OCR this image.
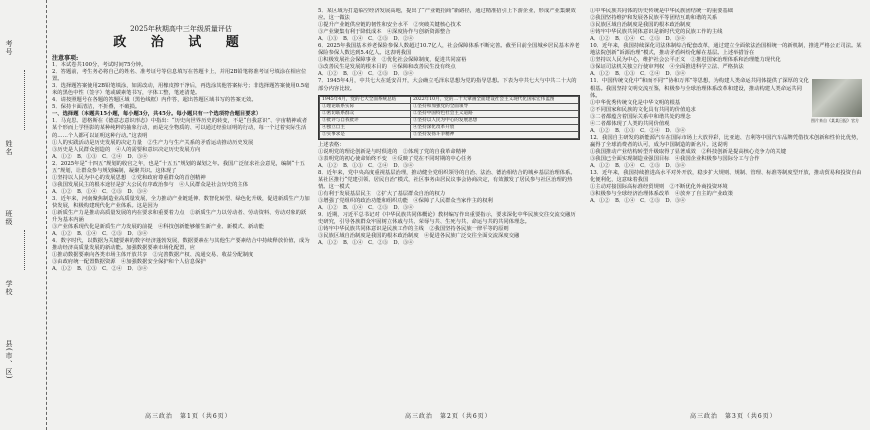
考号
姓名
班级
学校
县(市、区)
2025年秋期高中三年级质量评估
政 治 试 题

注意事项:

1．本试卷共100分，考试时间75分钟。

2．答题前，考生务必将自己的姓名、准考证号等信息填写在答题卡上，并用2B铅笔将准考证号填涂在相应位置。

3．选择题答案使用2B铅笔填涂，如需改动，用橡皮擦干净后，再选涂其他答案标号；非选择题答案使用0.5毫米的黑色中性（签字）笔或碳素笔书写，字体工整，笔迹清楚。

4．请按照题号在各题的答题区域（黑色线框）内作答，超出答题区域书写的答案无效。

5．保持卡面清洁，不折叠，不破损。

一、选择题（本题共15小题，每小题3分，共45分。每小题只有一个选项符合题目要求）

1．马克思、恩格斯在《德意志意识形态》中指出：“历史向世界历史的转变，不是“自我意识”、宇宙精神或者某个形而上学怪影的某种纯粹的抽象行动，而是完全物质的、可以通过经验证明的行动，每一个过着实际生活的……个人都可以证明这种行动。”这表明

①人的实践活动是历史发展的决定力量　②生产力与生产关系的矛盾运动推动历史发展

③历史是人民群众创造的　④人的需要和意识决定历史发展方向

A．①②　B．①③　C．②④　D．③④

2．2025年是“十四五”规划的收官之年，也是“十五五”规划的谋划之年。我国广泛征求社会意见，编制“十五五”规划，让群众参与规划编制，凝聚共识。这体现了

①坚持以人民为中心的发展思想　②党和政府尊重群众的首创精神

③我国发展民主的根本途径是扩大公民有序政治参与　④人民群众是社会历史的主体

A．①②　B．①④　C．②③　D．③④

3．近年来，河南聚焦制造业高质量发展，全力推动产业链延伸、数智化转型、绿色化升级，促进新质生产力加快发展，积极构建现代化产业体系。这是因为

①新质生产力是推动高质量发展的内在要求和重要着力点　②新质生产力以劳动者、劳动资料、劳动对象的跃升为基本内涵

③产业体系现代化是新质生产力发展的前提　④科技创新能够催生新产业、新模式、新动能

A．①②　B．①④　C．②③　D．③④

4．数字时代，以数据为关键要素的数字经济蓬勃发展，数据要素在与其他生产要素结合中持续释放价值，成为推动经济高质量发展的新动能。加强数据要素市场化配置，应

①推动数据要素向各类市场主体开放共享　②完善数据产权、流通交易、收益分配制度

③由政府统一配置数据资源　④加强数据安全保护和个人信息保护

A．①②　B．①③　C．②④　D．③④

高三政治　第1页（共6页）

5．某区域为打造临空经济发展高地，提出了“产业链招商”新路径，通过精准招引上下游企业，形成产业集聚效应。这一做法

①提升产业链供应链的韧性和安全水平　②突破关键核心技术

③产业聚集有利于降低成本　④深度协作与创新资源整合

A．①③　B．①④　C．②③　D．②④

6．2025年我国基本养老保险参保人数超过10.7亿人，社会保障体系不断完善。截至目前全国城乡居民基本养老保险参保人数达到5.4亿人。这表明我国

①积极发展社会保障事业　②优化社会保障制度，促进共同富裕

③改善民生是发展的根本目的　④保障和改善民生没有终点

A．①②　B．①④　C．②③　D．③④

7．1945年4月，中共七大在延安召开，大会确立毛泽东思想为党的指导思想。下表为中共七大与中共二十大的部分内容比较。

1945年4月，党的七大全面系统总结	2022年10月，党的二十大擘画全面建设社会主义现代化国家宏伟蓝图
①理论联系实际	①坚持和加强党的全面领导
②密切联系群众	②坚持中国特色社会主义道路
③批评与自我批评	③坚持以人民为中心的发展思想
④独立自主	④坚持深化改革开放
⑤实事求是	⑤坚持发扬斗争精神

上述表格：

①说明党的理论创新是与时俱进的　②体现了党的自我革命精神

③表明党的初心使命始终不变　④反映了党在不同时期的中心任务

A．①②　B．①③　C．②④　D．③④

8．近年来，党中央高度重视基层治理，推动健全党组织领导的自治、法治、德治相结合的城乡基层治理体系。某社区推行“党建引领、居民自治”模式，社区事务由居民议事会协商决定，有效激发了居民参与社区治理的热情。这一模式

①有利于发展基层民主　②扩大了基层群众自治的权力

③增强了党组织的政治功能和组织功能　④保障了人民群众当家作主的权利

A．①②　B．①④　C．②③　D．③④

9．近期，习近平总书记对《中华民族共同体概论》教材编写作出重要指示，要求深化中华民族交往交流交融历史研究，引导各族群众牢固树立休戚与共、荣辱与共、生死与共、命运与共的共同体理念。

①铸牢中华民族共同体意识是民族工作的主线　②我国坚持各民族一律平等的原则

③民族区域自治制度是我国的根本政治制度　④促进各民族广泛交往全面交流深度交融

A．①②　B．①④　C．②③　D．③④

高三政治　第2页（共6页）

①中华民族共同体的历史传统是中华民族团结统一的重要基础

②我国坚持维护和发展各民族平等团结互助和谐的关系

③民族区域自治制度是我国的根本政治制度

④铸牢中华民族共同体意识是新时代党的民族工作的主线

A．①②　B．①④　C．②③　D．③④

10．近年来，我国持续深化司法体制综合配套改革，通过建立全面依法治国相统一的新机制，推进严格公正司法。某地法院创新“诉源治理”模式，推动矛盾纠纷化解在基层。上述举措旨在

①坚持以人民为中心，维护社会公平正义　②推进国家治理体系和治理能力现代化

③保证司法机关独立行使审判权　④全面推进科学立法、严格执法

A．①②　B．①③　C．②④　D．③④

图片来自《某某日报》官方

11．中国传统文化中“和而不同”“协和万邦”等思想，为构建人类命运共同体提供了深厚的文化根基。我国坚持文明交流互鉴，积极参与全球治理体系改革和建设，推动构建人类命运共同体。

①中华优秀传统文化是中华文明的根基

②不同国家和民族的文化具有共同的价值追求

③二者都蕴含着国际关系中和谐共处的理念

④二者都体现了人类的共同价值观

A．①②　B．①③　C．②④　D．③④

12．我国自主研发的新能源汽车在国际市场上大放异彩，比亚迪、吉利等中国汽车品牌凭借技术创新和性价比优势，赢得了全球消费者的认可，成为中国制造的新名片。这说明

①我国推动产业结构转型升级取得了显著成效　②科技创新是提高核心竞争力的关键

③我国已全面实现制造业强国目标　④我国企业积极参与国际分工与合作

A．①②　B．①④　C．②③　D．③④

13．近年来，我国持续推进高水平对外开放，稳步扩大规则、规制、管理、标准等制度型开放，推动贸易和投资自由化便利化，这意味着我国

①主动对接国际高标准经贸规则　②不断优化外商投资环境

③积极参与全球经济治理体系改革　④放弃了自主的产业政策

A．①②　B．①④　C．②③　D．③④

高三政治　第3页（共6页）
